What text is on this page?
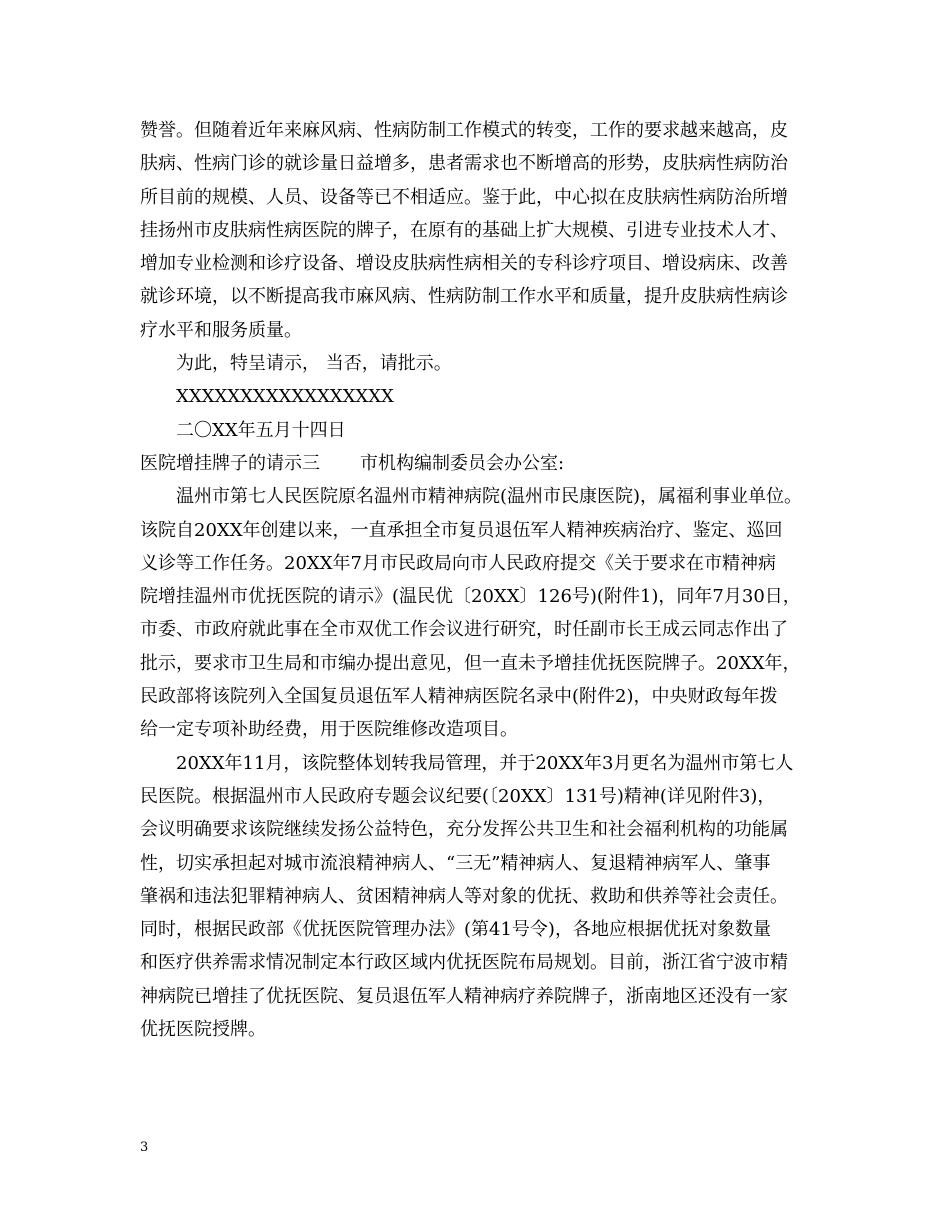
赞誉。但随着近年来麻风病、性病防制工作模式的转变，工作的要求越来越高，皮
肤病、性病门诊的就诊量日益增多，患者需求也不断增高的形势，皮肤病性病防治
所目前的规模、人员、设备等已不相适应。鉴于此，中心拟在皮肤病性病防治所增
挂扬州市皮肤病性病医院的牌子，在原有的基础上扩大规模、引进专业技术人才、
增加专业检测和诊疗设备、增设皮肤病性病相关的专科诊疗项目、增设病床、改善
就诊环境，以不断提高我市麻风病、性病防制工作水平和质量，提升皮肤病性病诊
疗水平和服务质量。
为此，特呈请示， 当否，请批示。
XXXXXXXXXXXXXXXXX
二〇XX年五月十四日
医院增挂牌子的请示三 市机构编制委员会办公室:
温州市第七人民医院原名温州市精神病院(温州市民康医院)，属福利事业单位。
该院自20XX年创建以来，一直承担全市复员退伍军人精神疾病治疗、鉴定、巡回
义诊等工作任务。20XX年7月市民政局向市人民政府提交《关于要求在市精神病
院增挂温州市优抚医院的请示》(温民优〔20XX〕126号)(附件1)，同年7月30日，
市委、市政府就此事在全市双优工作会议进行研究，时任副市长王成云同志作出了
批示，要求市卫生局和市编办提出意见，但一直未予增挂优抚医院牌子。20XX年，
民政部将该院列入全国复员退伍军人精神病医院名录中(附件2)，中央财政每年拨
给一定专项补助经费，用于医院维修改造项目。
20XX年11月，该院整体划转我局管理，并于20XX年3月更名为温州市第七人
民医院。根据温州市人民政府专题会议纪要(〔20XX〕131号)精神(详见附件3)，
会议明确要求该院继续发扬公益特色，充分发挥公共卫生和社会福利机构的功能属
性，切实承担起对城市流浪精神病人、“三无”精神病人、复退精神病军人、肇事
肇祸和违法犯罪精神病人、贫困精神病人等对象的优抚、救助和供养等社会责任。
同时，根据民政部《优抚医院管理办法》(第41号令)，各地应根据优抚对象数量
和医疗供养需求情况制定本行政区域内优抚医院布局规划。目前，浙江省宁波市精
神病院已增挂了优抚医院、复员退伍军人精神病疗养院牌子，浙南地区还没有一家
优抚医院授牌。
3
